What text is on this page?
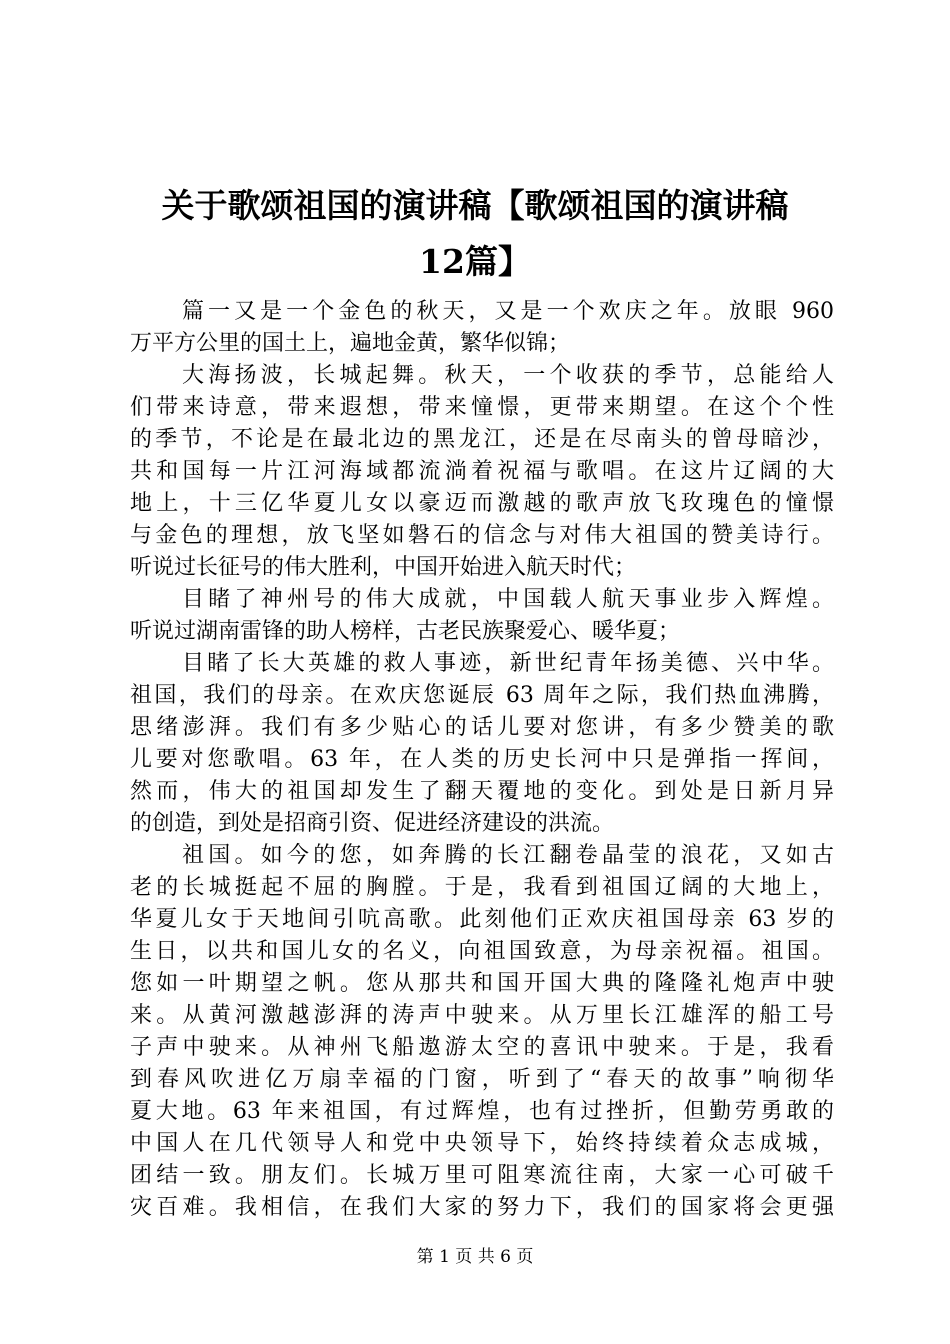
关于歌颂祖国的演讲稿【歌颂祖国的演讲稿
12篇】
篇一又是一个金色的秋天，又是一个欢庆之年。放眼 960
万平方公里的国土上，遍地金黄，繁华似锦；
大海扬波，长城起舞。秋天，一个收获的季节，总能给人
们带来诗意，带来遐想，带来憧憬，更带来期望。在这个个性
的季节，不论是在最北边的黑龙江，还是在尽南头的曾母暗沙，
共和国每一片江河海域都流淌着祝福与歌唱。在这片辽阔的大
地上，十三亿华夏儿女以豪迈而激越的歌声放飞玫瑰色的憧憬
与金色的理想，放飞坚如磐石的信念与对伟大祖国的赞美诗行。
听说过长征号的伟大胜利，中国开始进入航天时代；
目睹了神州号的伟大成就，中国载人航天事业步入辉煌。
听说过湖南雷锋的助人榜样，古老民族聚爱心、暖华夏；
目睹了长大英雄的救人事迹，新世纪青年扬美德、兴中华。
祖国，我们的母亲。在欢庆您诞辰 63 周年之际，我们热血沸腾，
思绪澎湃。我们有多少贴心的话儿要对您讲，有多少赞美的歌
儿要对您歌唱。63 年，在人类的历史长河中只是弹指一挥间，
然而，伟大的祖国却发生了翻天覆地的变化。到处是日新月异
的创造，到处是招商引资、促进经济建设的洪流。
祖国。如今的您，如奔腾的长江翻卷晶莹的浪花，又如古
老的长城挺起不屈的胸膛。于是，我看到祖国辽阔的大地上，
华夏儿女于天地间引吭高歌。此刻他们正欢庆祖国母亲 63 岁的
生日，以共和国儿女的名义，向祖国致意，为母亲祝福。祖国。
您如一叶期望之帆。您从那共和国开国大典的隆隆礼炮声中驶
来。从黄河激越澎湃的涛声中驶来。从万里长江雄浑的船工号
子声中驶来。从神州飞船遨游太空的喜讯中驶来。于是，我看
到春风吹进亿万扇幸福的门窗，听到了“春天的故事”响彻华
夏大地。63 年来祖国，有过辉煌，也有过挫折，但勤劳勇敢的
中国人在几代领导人和党中央领导下，始终持续着众志成城，
团结一致。朋友们。长城万里可阻寒流往南，大家一心可破千
灾百难。我相信，在我们大家的努力下，我们的国家将会更强
第 1 页 共 6 页
